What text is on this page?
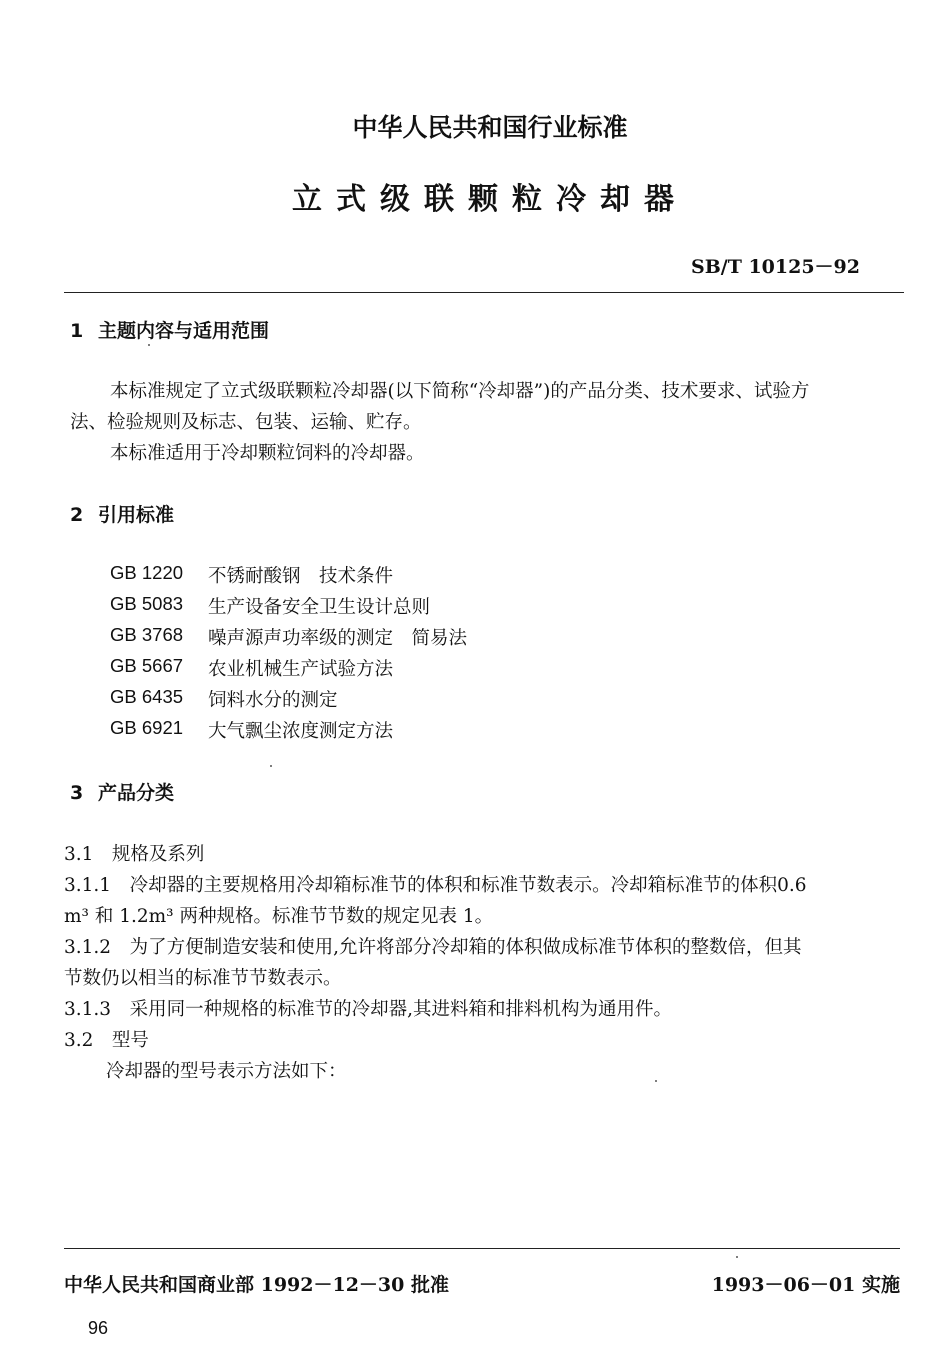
中华人民共和国行业标准
立式级联颗粒冷却器
SB/T 10125－92
1 主题内容与适用范围
本标准规定了立式级联颗粒冷却器(以下简称“冷却器”)的产品分类、技术要求、试验方
法、检验规则及标志、包装、运输、贮存。
本标准适用于冷却颗粒饲料的冷却器。
2 引用标准
GB 1220	不锈耐酸钢　技术条件
GB 5083	生产设备安全卫生设计总则
GB 3768	噪声源声功率级的测定　简易法
GB 5667	农业机械生产试验方法
GB 6435	饲料水分的测定
GB 6921	大气飘尘浓度测定方法
3 产品分类
3.1　规格及系列
3.1.1　冷却器的主要规格用冷却箱标准节的体积和标准节数表示。冷却箱标准节的体积0.6
m³ 和 1.2m³ 两种规格。标准节节数的规定见表 1。
3.1.2　为了方便制造安装和使用,允许将部分冷却箱的体积做成标准节体积的整数倍，但其
节数仍以相当的标准节节数表示。
3.1.3　采用同一种规格的标准节的冷却器,其进料箱和排料机构为通用件。
3.2　型号
冷却器的型号表示方法如下：
中华人民共和国商业部 1992－12－30 批准	1993－06－01 实施
96
